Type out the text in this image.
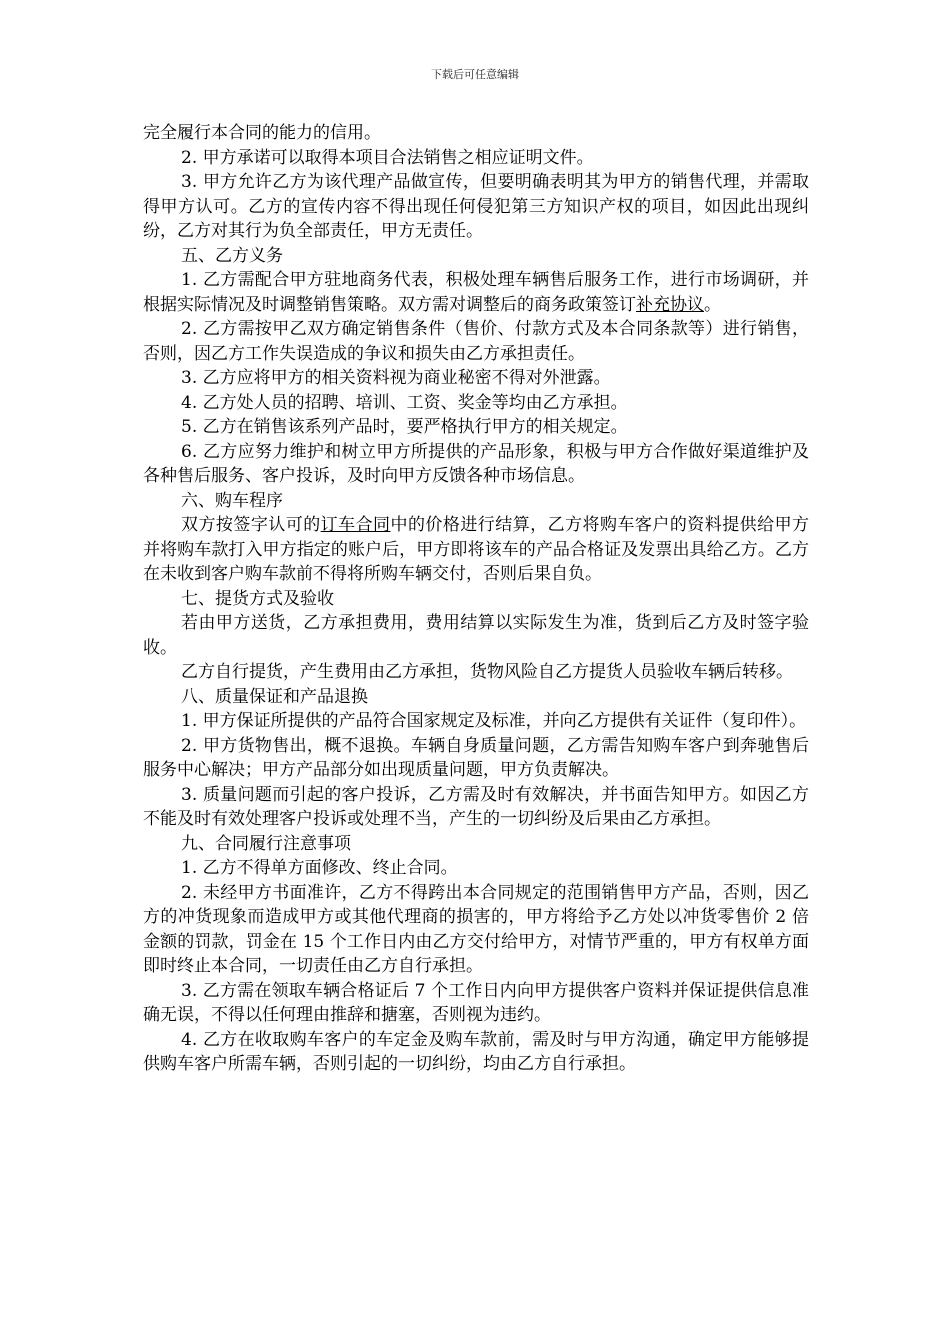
下载后可任意编辑

完全履行本合同的能力的信用。

2. 甲方承诺可以取得本项目合法销售之相应证明文件。

3. 甲方允许乙方为该代理产品做宣传，但要明确表明其为甲方的销售代理，并需取得甲方认可。乙方的宣传内容不得出现任何侵犯第三方知识产权的项目，如因此出现纠纷，乙方对其行为负全部责任，甲方无责任。

五、乙方义务

1. 乙方需配合甲方驻地商务代表，积极处理车辆售后服务工作，进行市场调研，并根据实际情况及时调整销售策略。双方需对调整后的商务政策签订补充协议。

2. 乙方需按甲乙双方确定销售条件（售价、付款方式及本合同条款等）进行销售，否则，因乙方工作失误造成的争议和损失由乙方承担责任。

3. 乙方应将甲方的相关资料视为商业秘密不得对外泄露。

4. 乙方处人员的招聘、培训、工资、奖金等均由乙方承担。

5. 乙方在销售该系列产品时，要严格执行甲方的相关规定。

6. 乙方应努力维护和树立甲方所提供的产品形象，积极与甲方合作做好渠道维护及各种售后服务、客户投诉，及时向甲方反馈各种市场信息。

六、购车程序

双方按签字认可的订车合同中的价格进行结算，乙方将购车客户的资料提供给甲方并将购车款打入甲方指定的账户后，甲方即将该车的产品合格证及发票出具给乙方。乙方在未收到客户购车款前不得将所购车辆交付，否则后果自负。

七、提货方式及验收

若由甲方送货，乙方承担费用，费用结算以实际发生为准，货到后乙方及时签字验收。

乙方自行提货，产生费用由乙方承担，货物风险自乙方提货人员验收车辆后转移。

八、质量保证和产品退换

1. 甲方保证所提供的产品符合国家规定及标准，并向乙方提供有关证件（复印件）。

2. 甲方货物售出，概不退换。车辆自身质量问题，乙方需告知购车客户到奔驰售后服务中心解决；甲方产品部分如出现质量问题，甲方负责解决。

3. 质量问题而引起的客户投诉，乙方需及时有效解决，并书面告知甲方。如因乙方不能及时有效处理客户投诉或处理不当，产生的一切纠纷及后果由乙方承担。

九、合同履行注意事项

1. 乙方不得单方面修改、终止合同。

2. 未经甲方书面准许，乙方不得跨出本合同规定的范围销售甲方产品，否则，因乙方的冲货现象而造成甲方或其他代理商的损害的，甲方将给予乙方处以冲货零售价 2 倍金额的罚款，罚金在 15 个工作日内由乙方交付给甲方，对情节严重的，甲方有权单方面即时终止本合同，一切责任由乙方自行承担。

3. 乙方需在领取车辆合格证后 7 个工作日内向甲方提供客户资料并保证提供信息准确无误，不得以任何理由推辞和搪塞，否则视为违约。

4. 乙方在收取购车客户的车定金及购车款前，需及时与甲方沟通，确定甲方能够提供购车客户所需车辆，否则引起的一切纠纷，均由乙方自行承担。
